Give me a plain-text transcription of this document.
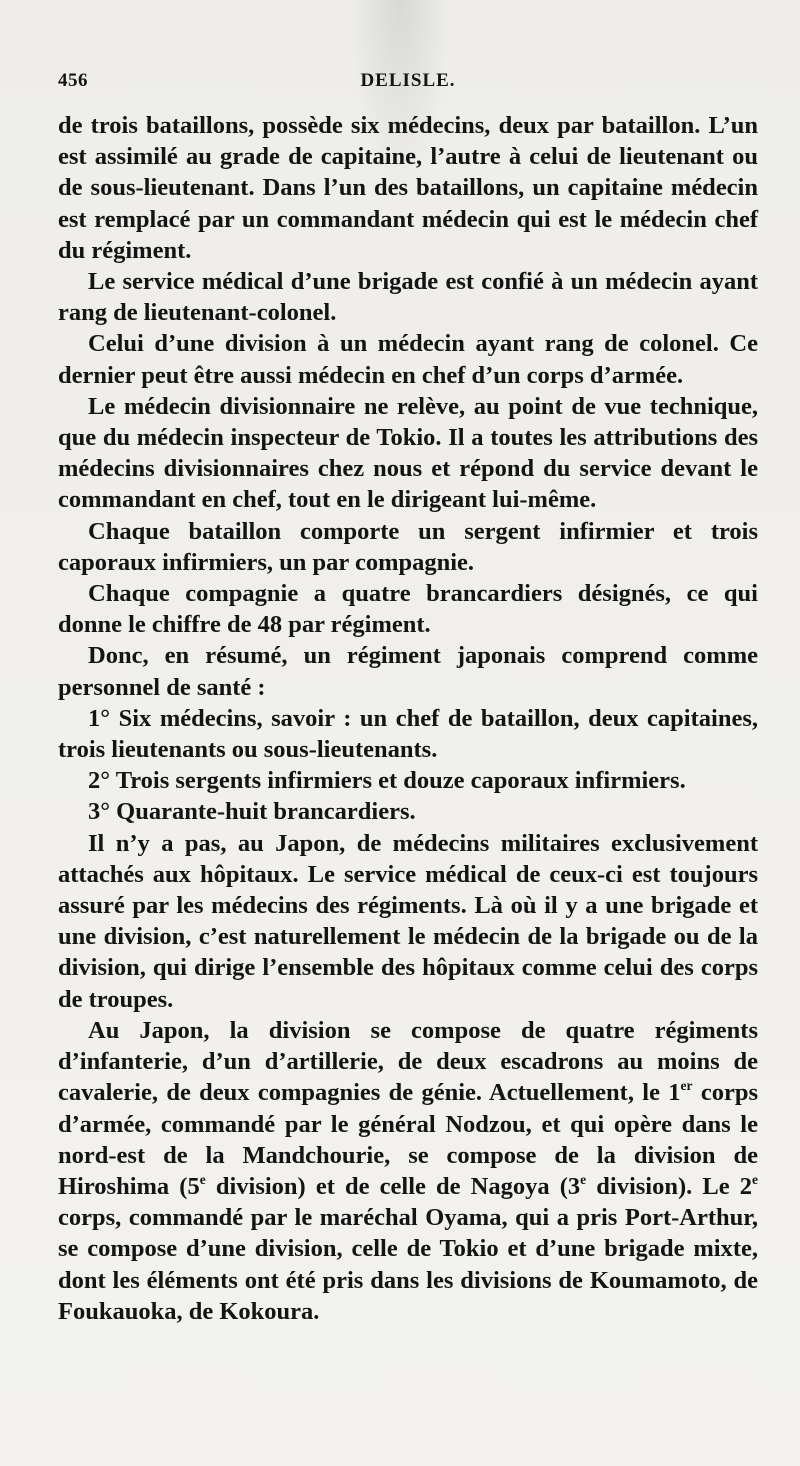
456	DELISLE.

de trois bataillons, possède six médecins, deux par bataillon. L’un est assimilé au grade de capitaine, l’autre à celui de lieutenant ou de sous-lieutenant. Dans l’un des bataillons, un capitaine médecin est remplacé par un commandant médecin qui est le médecin chef du régiment.

Le service médical d’une brigade est confié à un médecin ayant rang de lieutenant-colonel.

Celui d’une division à un médecin ayant rang de colonel. Ce dernier peut être aussi médecin en chef d’un corps d’armée.

Le médecin divisionnaire ne relève, au point de vue technique, que du médecin inspecteur de Tokio. Il a toutes les attributions des médecins divisionnaires chez nous et répond du service devant le commandant en chef, tout en le dirigeant lui-même.

Chaque bataillon comporte un sergent infirmier et trois caporaux infirmiers, un par compagnie.

Chaque compagnie a quatre brancardiers désignés, ce qui donne le chiffre de 48 par régiment.

Donc, en résumé, un régiment japonais comprend comme personnel de santé :

1° Six médecins, savoir : un chef de bataillon, deux capitaines, trois lieutenants ou sous-lieutenants.

2° Trois sergents infirmiers et douze caporaux infirmiers.

3° Quarante-huit brancardiers.

Il n’y a pas, au Japon, de médecins militaires exclusivement attachés aux hôpitaux. Le service médical de ceux-ci est toujours assuré par les médecins des régiments. Là où il y a une brigade et une division, c’est naturellement le médecin de la brigade ou de la division, qui dirige l’ensemble des hôpitaux comme celui des corps de troupes.

Au Japon, la division se compose de quatre régiments d’infanterie, d’un d’artillerie, de deux escadrons au moins de cavalerie, de deux compagnies de génie. Actuellement, le 1er corps d’armée, commandé par le général Nodzou, et qui opère dans le nord-est de la Mandchourie, se compose de la division de Hiroshima (5e division) et de celle de Nagoya (3e division). Le 2e corps, commandé par le maréchal Oyama, qui a pris Port-Arthur, se compose d’une division, celle de Tokio et d’une brigade mixte, dont les éléments ont été pris dans les divisions de Koumamoto, de Foukauoka, de Kokoura.
